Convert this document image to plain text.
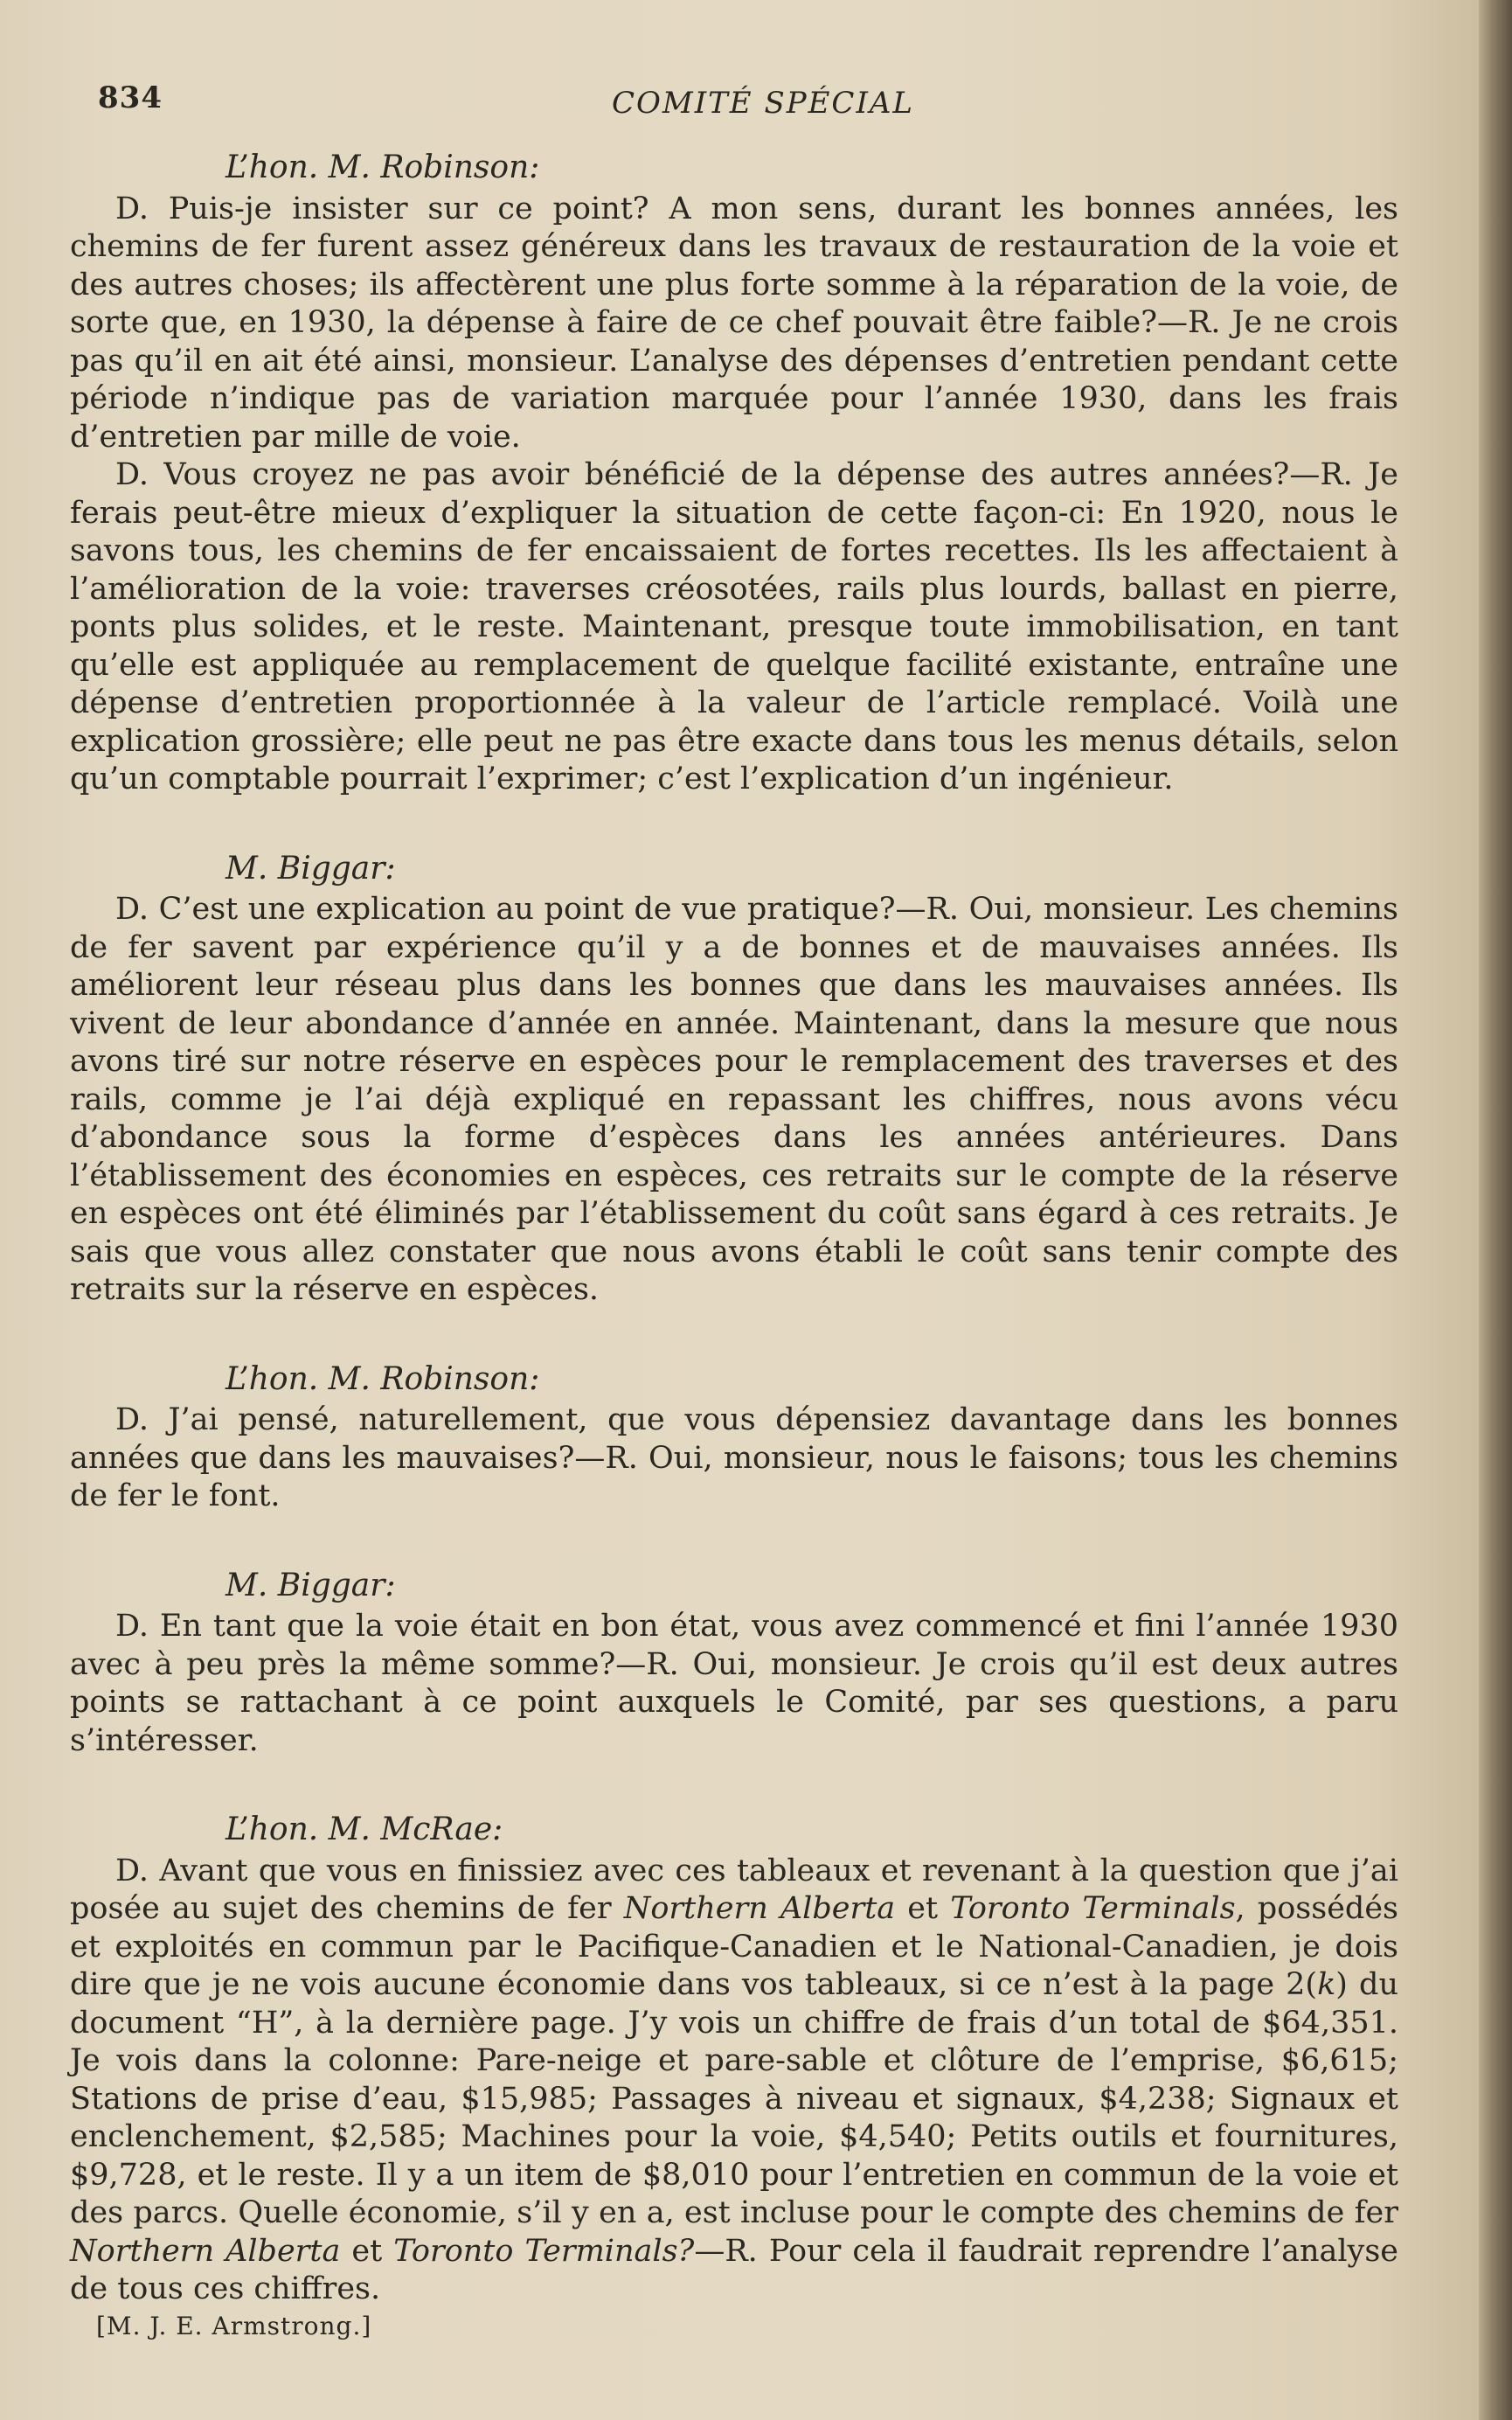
834	COMITÉ SPÉCIAL
L’hon. M. Robinson:

D. Puis-je insister sur ce point? A mon sens, durant les bonnes années, les chemins de fer furent assez généreux dans les travaux de restauration de la voie et des autres choses; ils affectèrent une plus forte somme à la réparation de la voie, de sorte que, en 1930, la dépense à faire de ce chef pouvait être faible?—R. Je ne crois pas qu’il en ait été ainsi, monsieur. L’analyse des dépenses d’entretien pendant cette période n’indique pas de variation marquée pour l’année 1930, dans les frais d’entretien par mille de voie.

D. Vous croyez ne pas avoir bénéficié de la dépense des autres années?—R. Je ferais peut-être mieux d’expliquer la situation de cette façon-ci: En 1920, nous le savons tous, les chemins de fer encaissaient de fortes recettes. Ils les affectaient à l’amélioration de la voie: traverses créosotées, rails plus lourds, ballast en pierre, ponts plus solides, et le reste. Maintenant, presque toute immobilisation, en tant qu’elle est appliquée au remplacement de quelque facilité existante, entraîne une dépense d’entretien proportionnée à la valeur de l’article remplacé. Voilà une explication grossière; elle peut ne pas être exacte dans tous les menus détails, selon qu’un comptable pourrait l’exprimer; c’est l’explication d’un ingénieur.

M. Biggar:

D. C’est une explication au point de vue pratique?—R. Oui, monsieur. Les chemins de fer savent par expérience qu’il y a de bonnes et de mauvaises années. Ils améliorent leur réseau plus dans les bonnes que dans les mauvaises années. Ils vivent de leur abondance d’année en année. Maintenant, dans la mesure que nous avons tiré sur notre réserve en espèces pour le remplacement des traverses et des rails, comme je l’ai déjà expliqué en repassant les chiffres, nous avons vécu d’abondance sous la forme d’espèces dans les années antérieures. Dans l’établissement des économies en espèces, ces retraits sur le compte de la réserve en espèces ont été éliminés par l’établissement du coût sans égard à ces retraits. Je sais que vous allez constater que nous avons établi le coût sans tenir compte des retraits sur la réserve en espèces.

L’hon. M. Robinson:

D. J’ai pensé, naturellement, que vous dépensiez davantage dans les bonnes années que dans les mauvaises?—R. Oui, monsieur, nous le faisons; tous les chemins de fer le font.

M. Biggar:

D. En tant que la voie était en bon état, vous avez commencé et fini l’année 1930 avec à peu près la même somme?—R. Oui, monsieur. Je crois qu’il est deux autres points se rattachant à ce point auxquels le Comité, par ses questions, a paru s’intéresser.

L’hon. M. McRae:

D. Avant que vous en finissiez avec ces tableaux et revenant à la question que j’ai posée au sujet des chemins de fer Northern Alberta et Toronto Terminals, possédés et exploités en commun par le Pacifique-Canadien et le National-Canadien, je dois dire que je ne vois aucune économie dans vos tableaux, si ce n’est à la page 2(k) du document “H”, à la dernière page. J’y vois un chiffre de frais d’un total de $64,351. Je vois dans la colonne: Pare-neige et pare-sable et clôture de l’emprise, $6,615; Stations de prise d’eau, $15,985; Passages à niveau et signaux, $4,238; Signaux et enclenchement, $2,585; Machines pour la voie, $4,540; Petits outils et fournitures, $9,728, et le reste. Il y a un item de $8,010 pour l’entretien en commun de la voie et des parcs. Quelle économie, s’il y en a, est incluse pour le compte des chemins de fer Northern Alberta et Toronto Terminals?—R. Pour cela il faudrait reprendre l’analyse de tous ces chiffres.

[M. J. E. Armstrong.]
